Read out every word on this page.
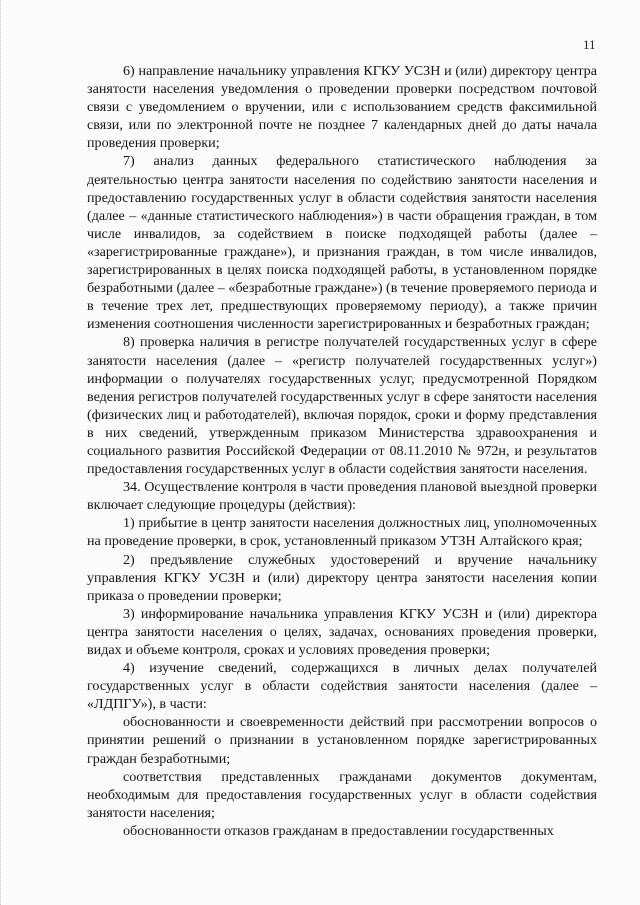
11

6) направление начальнику управления КГКУ УСЗН и (или) директору центра занятости населения уведомления о проведении проверки посредством почтовой связи с уведомлением о вручении, или с использованием средств факсимильной связи, или по электронной почте не позднее 7 календарных дней до даты начала проведения проверки;

7) анализ данных федерального статистического наблюдения за деятельностью центра занятости населения по содействию занятости населения и предоставлению государственных услуг в области содействия занятости населения (далее – «данные статистического наблюдения») в части обращения граждан, в том числе инвалидов, за содействием в поиске подходящей работы (далее – «зарегистрированные граждане»), и признания граждан, в том числе инвалидов, зарегистрированных в целях поиска подходящей работы, в установленном порядке безработными (далее – «безработные граждане») (в течение проверяемого периода и в течение трех лет, предшествующих проверяемому периоду), а также причин изменения соотношения численности зарегистрированных и безработных граждан;

8) проверка наличия в регистре получателей государственных услуг в сфере занятости населения (далее – «регистр получателей государственных услуг») информации о получателях государственных услуг, предусмотренной Порядком ведения регистров получателей государственных услуг в сфере занятости населения (физических лиц и работодателей), включая порядок, сроки и форму представления в них сведений, утвержденным приказом Министерства здравоохранения и социального развития Российской Федерации от 08.11.2010 № 972н, и результатов предоставления государственных услуг в области содействия занятости населения.

34. Осуществление контроля в части проведения плановой выездной проверки включает следующие процедуры (действия):

1) прибытие в центр занятости населения должностных лиц, уполномоченных на проведение проверки, в срок, установленный приказом УТЗН Алтайского края;

2) предъявление служебных удостоверений и вручение начальнику управления КГКУ УСЗН и (или) директору центра занятости населения копии приказа о проведении проверки;

3) информирование начальника управления КГКУ УСЗН и (или) директора центра занятости населения о целях, задачах, основаниях проведения проверки, видах и объеме контроля, сроках и условиях проведения проверки;

4) изучение сведений, содержащихся в личных делах получателей государственных услуг в области содействия занятости населения (далее – «ЛДПГУ»), в части:

обоснованности и своевременности действий при рассмотрении вопросов о принятии решений о признании в установленном порядке зарегистрированных граждан безработными;

соответствия представленных гражданами документов документам, необходимым для предоставления государственных услуг в области содействия занятости населения;

обоснованности отказов гражданам в предоставлении государственных
